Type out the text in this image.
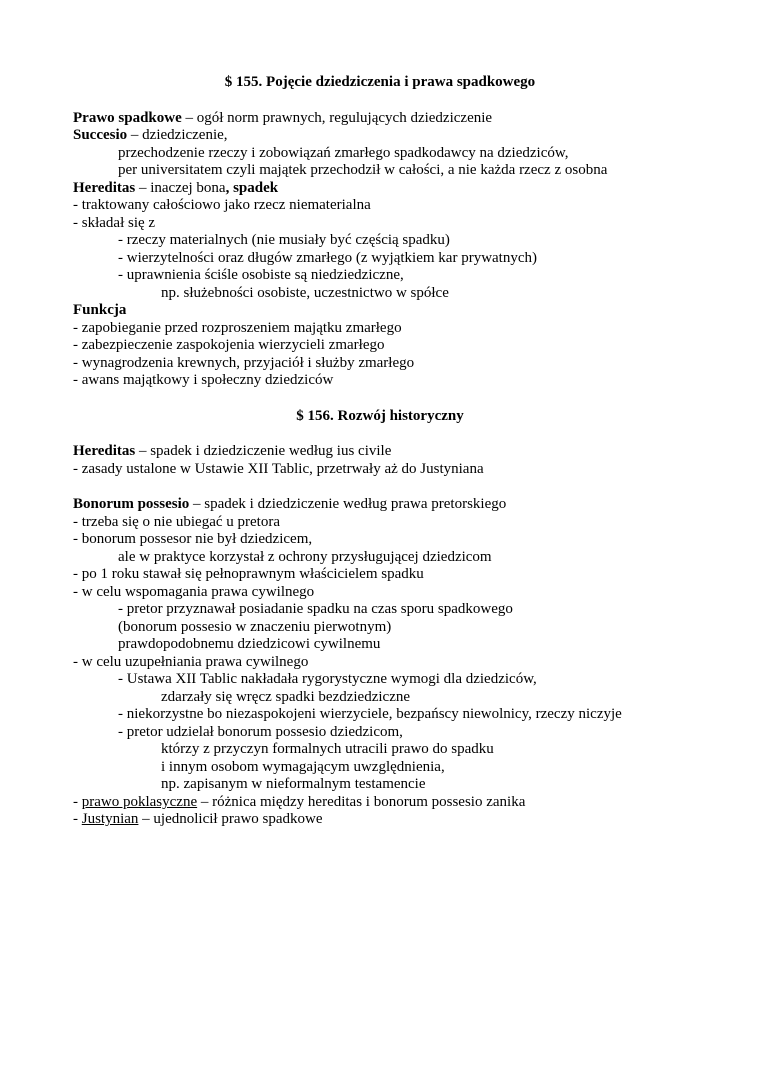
$ 155. Pojęcie dziedziczenia i prawa spadkowego
Prawo spadkowe – ogół norm prawnych, regulujących dziedziczenie
Succesio – dziedziczenie,
przechodzenie rzeczy i zobowiązań zmarłego spadkodawcy na dziedziców,
per universitatem czyli majątek przechodził w całości, a nie każda rzecz z osobna
Hereditas – inaczej bona, spadek
- traktowany całościowo jako rzecz niematerialna
- składał się z
- rzeczy materialnych (nie musiały być częścią spadku)
- wierzytelności oraz długów zmarłego (z wyjątkiem kar prywatnych)
- uprawnienia ściśle osobiste są niedziedziczne,
np. służebności osobiste, uczestnictwo w spółce
Funkcja
- zapobieganie przed rozproszeniem majątku zmarłego
- zabezpieczenie zaspokojenia wierzycieli zmarłego
- wynagrodzenia krewnych, przyjaciół i służby zmarłego
- awans majątkowy i społeczny dziedziców
$ 156. Rozwój historyczny
Hereditas – spadek i dziedziczenie według ius civile
- zasady ustalone w Ustawie XII Tablic, przetrwały aż do Justyniana
Bonorum possesio – spadek i dziedziczenie według prawa pretorskiego
- trzeba się o nie ubiegać u pretora
- bonorum possesor nie był dziedzicem,
ale w praktyce korzystał z ochrony przysługującej dziedzicom
- po 1 roku stawał się pełnoprawnym właścicielem spadku
- w celu wspomagania prawa cywilnego
- pretor przyznawał posiadanie spadku na czas sporu spadkowego
(bonorum possesio w znaczeniu pierwotnym)
prawdopodobnemu dziedzicowi cywilnemu
- w celu uzupełniania prawa cywilnego
- Ustawa XII Tablic nakładała rygorystyczne wymogi dla dziedziców,
zdarzały się wręcz spadki bezdziedziczne
- niekorzystne bo niezaspokojeni wierzyciele, bezpańscy niewolnicy, rzeczy niczyje
- pretor udzielał bonorum possesio dziedzicom,
którzy z przyczyn formalnych utracili prawo do spadku
i innym osobom wymagającym uwzględnienia,
np. zapisanym w nieformalnym testamencie
- prawo poklasyczne – różnica między hereditas i bonorum possesio zanika
- Justynian – ujednolicił prawo spadkowe
